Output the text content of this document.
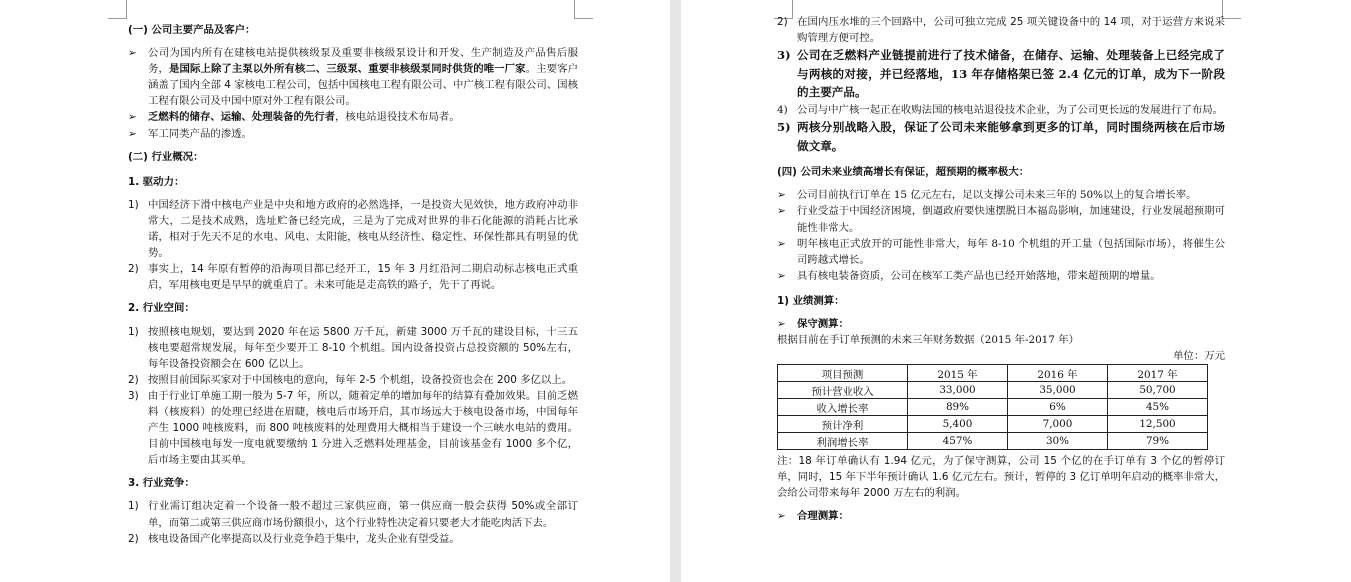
(一) 公司主要产品及客户：
➢	公司为国内所有在建核电站提供核级泵及重要非核级泵设计和开发、生产制造及产品售后服务，是国际上除了主泵以外所有核二、三级泵、重要非核级泵同时供货的唯一厂家。主要客户涵盖了国内全部 4 家核电工程公司，包括中国核电工程有限公司、中广核工程有限公司、国核工程有限公司及中国中原对外工程有限公司。
➢	乏燃料的储存、运输、处理装备的先行者，核电站退役技术布局者。
➢	军工同类产品的渗透。
(二) 行业概况：
1. 驱动力：
1) 中国经济下滑中核电产业是中央和地方政府的必然选择，一是投资大见效快，地方政府冲动非常大，二是技术成熟，选址贮备已经完成，三是为了完成对世界的非石化能源的消耗占比承诺，相对于先天不足的水电、风电、太阳能，核电从经济性、稳定性、环保性都具有明显的优势。
2) 事实上，14 年原有暂停的沿海项目都已经开工，15 年 3 月红沿河二期启动标志核电正式重启，军用核电更是早早的就重启了。未来可能是走高铁的路子，先干了再说。
2. 行业空间：
1) 按照核电规划，要达到 2020 年在运 5800 万千瓦，新建 3000 万千瓦的建设目标，十三五核电要超常规发展，每年至少要开工 8-10 个机组。国内设备投资占总投资额的 50%左右，每年设备投资额会在 600 亿以上。
2) 按照目前国际买家对于中国核电的意向，每年 2-5 个机组，设备投资也会在 200 多亿以上。
3) 由于行业订单施工期一般为 5-7 年，所以，随着定单的增加每年的结算有叠加效果。目前乏燃料（核废料）的处理已经进在眉睫，核电后市场开启，其市场远大于核电设备市场，中国每年产生 1000 吨核废料，而 800 吨核废料的处理费用大概相当于建设一个三峡水电站的费用。目前中国核电每发一度电就要缴纳 1 分进入乏燃料处理基金，目前该基金有 1000 多个亿，后市场主要由其买单。
3. 行业竞争：
1) 行业需订组决定着一个设备一般不超过三家供应商，第一供应商一般会获得 50%或全部订单，而第二或第三供应商市场份额很小，这个行业特性决定着只要老大才能吃肉活下去。
2) 核电设备国产化率提高以及行业竞争趋于集中，龙头企业有望受益。
2) 在国内压水堆的三个回路中，公司可独立完成 25 项关键设备中的 14 项，对于运营方来说采购管理方便可控。
3) 公司在乏燃料产业链提前进行了技术储备，在储存、运输、处理装备上已经完成了与两核的对接，并已经落地，13 年存储格架已签 2.4 亿元的订单，成为下一阶段的主要产品。
4) 公司与中广核一起正在收购法国的核电站退役技术企业，为了公司更长远的发展进行了布局。
5) 两核分别战略入股，保证了公司未来能够拿到更多的订单，同时围绕两核在后市场做文章。
(四) 公司未来业绩高增长有保证，超预期的概率极大：
➢	公司目前执行订单在 15 亿元左右，足以支撑公司未来三年的 50%以上的复合增长率。
➢	行业受益于中国经济困境，倒逼政府要快速摆脱日本福岛影响，加速建设，行业发展超预期可能性非常大。
➢	明年核电正式放开的可能性非常大，每年 8-10 个机组的开工量（包括国际市场），将催生公司跨越式增长。
➢	具有核电装备资质，公司在核军工类产品也已经开始落地，带来超预期的增量。
1) 业绩测算：
➢	保守测算：
根据目前在手订单预测的未来三年财务数据（2015 年-2017 年）
单位：万元
项目预测	2015 年	2016 年	2017 年
预计营业收入	33,000	35,000	50,700
收入增长率	89%	6%	45%
预计净利	5,400	7,000	12,500
利润增长率	457%	30%	79%
注：18 年订单确认有 1.94 亿元，为了保守测算，公司 15 个亿的在手订单有 3 个亿的暂停订单，同时，15 年下半年预计确认 1.6 亿元左右。预计，暂停的 3 亿订单明年启动的概率非常大，会给公司带来每年 2000 万左右的利润。
➢	合理测算：
